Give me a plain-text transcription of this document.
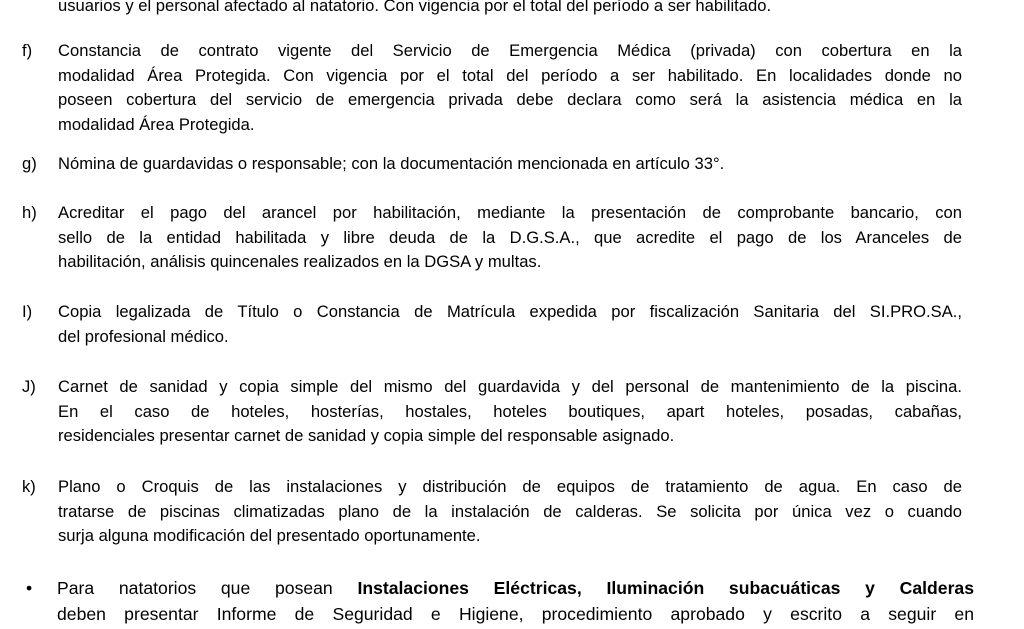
usuarios y el personal afectado al natatorio. Con vigencia por el total del período a ser habilitado.
f) Constancia de contrato vigente del Servicio de Emergencia Médica (privada) con cobertura en la
modalidad Área Protegida. Con vigencia por el total del período a ser habilitado. En localidades donde no
poseen cobertura del servicio de emergencia privada debe declara como será la asistencia médica en la
modalidad Área Protegida.
g) Nómina de guardavidas o responsable; con la documentación mencionada en artículo 33°.
h) Acreditar el pago del arancel por habilitación, mediante la presentación de comprobante bancario, con
sello de la entidad habilitada y libre deuda de la D.G.S.A., que acredite el pago de los Aranceles de
habilitación, análisis quincenales realizados en la DGSA y multas.
I) Copia legalizada de Título o Constancia de Matrícula expedida por fiscalización Sanitaria del SI.PRO.SA.,
del profesional médico.
J) Carnet de sanidad y copia simple del mismo del guardavida y del personal de mantenimiento de la piscina.
En el caso de hoteles, hosterías, hostales, hoteles boutiques, apart hoteles, posadas, cabañas,
residenciales presentar carnet de sanidad y copia simple del responsable asignado.
k) Plano o Croquis de las instalaciones y distribución de equipos de tratamiento de agua. En caso de
tratarse de piscinas climatizadas plano de la instalación de calderas. Se solicita por única vez o cuando
surja alguna modificación del presentado oportunamente.
• Para natatorios que posean Instalaciones Eléctricas, Iluminación subacuáticas y Calderas
deben presentar Informe de Seguridad e Higiene, procedimiento aprobado y escrito a seguir en
